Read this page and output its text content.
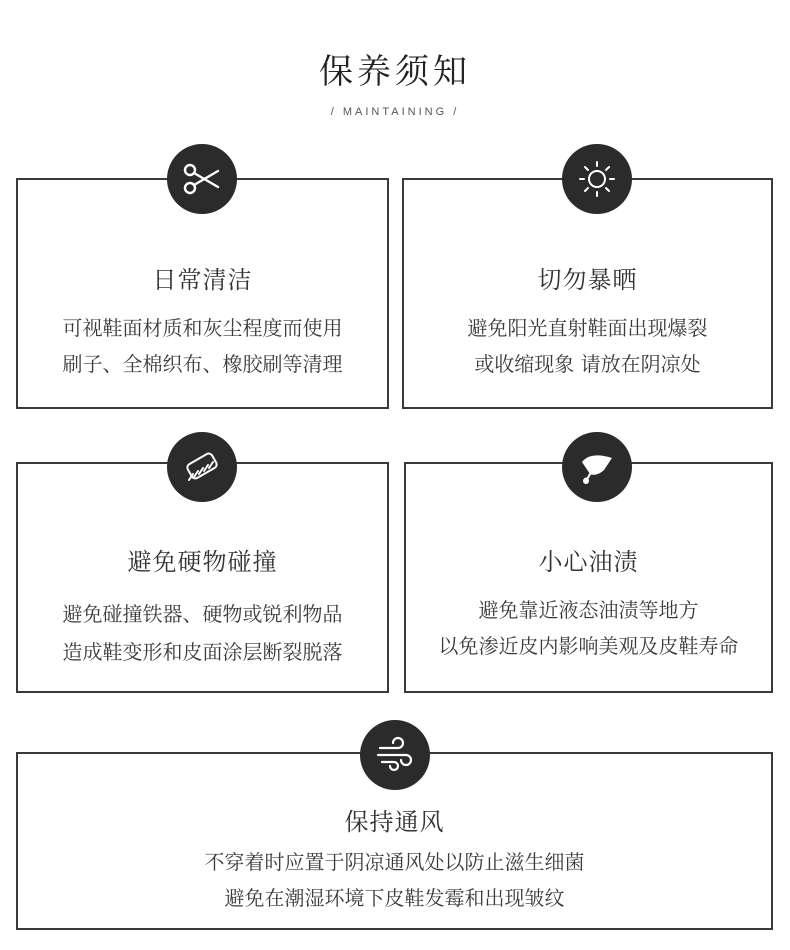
保养须知
/ MAINTAINING /
日常清洁
可视鞋面材质和灰尘程度而使用
刷子、全棉织布、橡胶刷等清理
切勿暴晒
避免阳光直射鞋面出现爆裂
或收缩现象 请放在阴凉处
避免硬物碰撞
避免碰撞铁器、硬物或锐利物品
造成鞋变形和皮面涂层断裂脱落
小心油渍
避免靠近液态油渍等地方
以免渗近皮内影响美观及皮鞋寿命
保持通风
不穿着时应置于阴凉通风处以防止滋生细菌
避免在潮湿环境下皮鞋发霉和出现皱纹
